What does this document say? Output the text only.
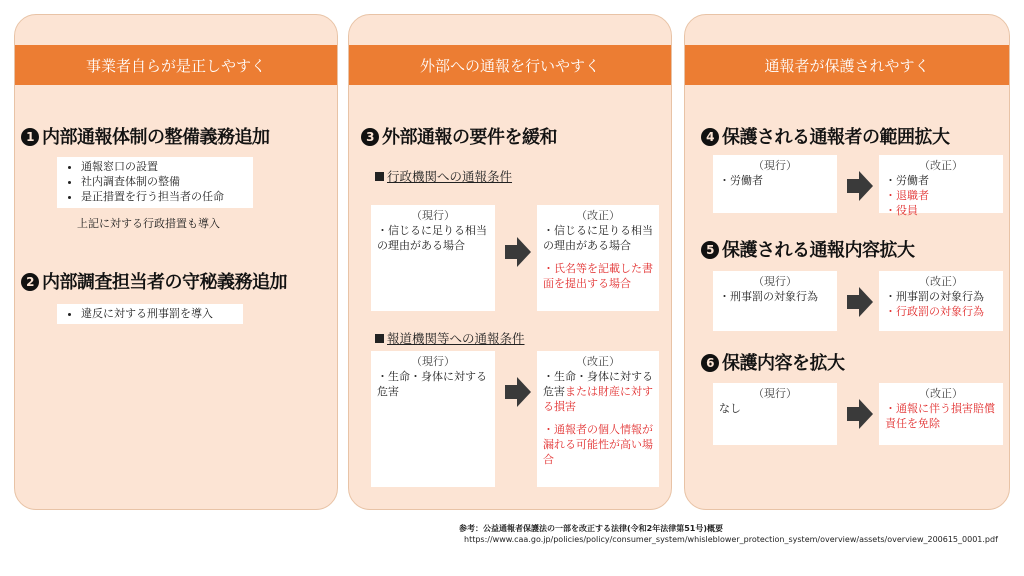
事業者自らが是正しやすく
1 内部通報体制の整備義務追加
• 通報窓口の設置
• 社内調査体制の整備
• 是正措置を行う担当者の任命
上記に対する行政措置も導入
2 内部調査担当者の守秘義務追加
• 違反に対する刑事罰を導入
外部への通報を行いやすく
3 外部通報の要件を緩和
行政機関への通報条件
（現行）
・信じるに足りる相当の理由がある場合
（改正）
・信じるに足りる相当の理由がある場合
・氏名等を記載した書面を提出する場合
報道機関等への通報条件
（現行）
・生命・身体に対する危害
（改正）
・生命・身体に対する危害または財産に対する損害
・通報者の個人情報が漏れる可能性が高い場合
通報者が保護されやすく
4 保護される通報者の範囲拡大
（現行）
・労働者
（改正）
・労働者
・退職者
・役員
5 保護される通報内容拡大
（現行）
・刑事罰の対象行為
（改正）
・刑事罰の対象行為
・行政罰の対象行為
6 保護内容を拡大
（現行）
なし
（改正）
・通報に伴う損害賠償責任を免除
参考：公益通報者保護法の一部を改正する法律(令和2年法律第51号)概要
https://www.caa.go.jp/policies/policy/consumer_system/whisleblower_protection_system/overview/assets/overview_200615_0001.pdf
